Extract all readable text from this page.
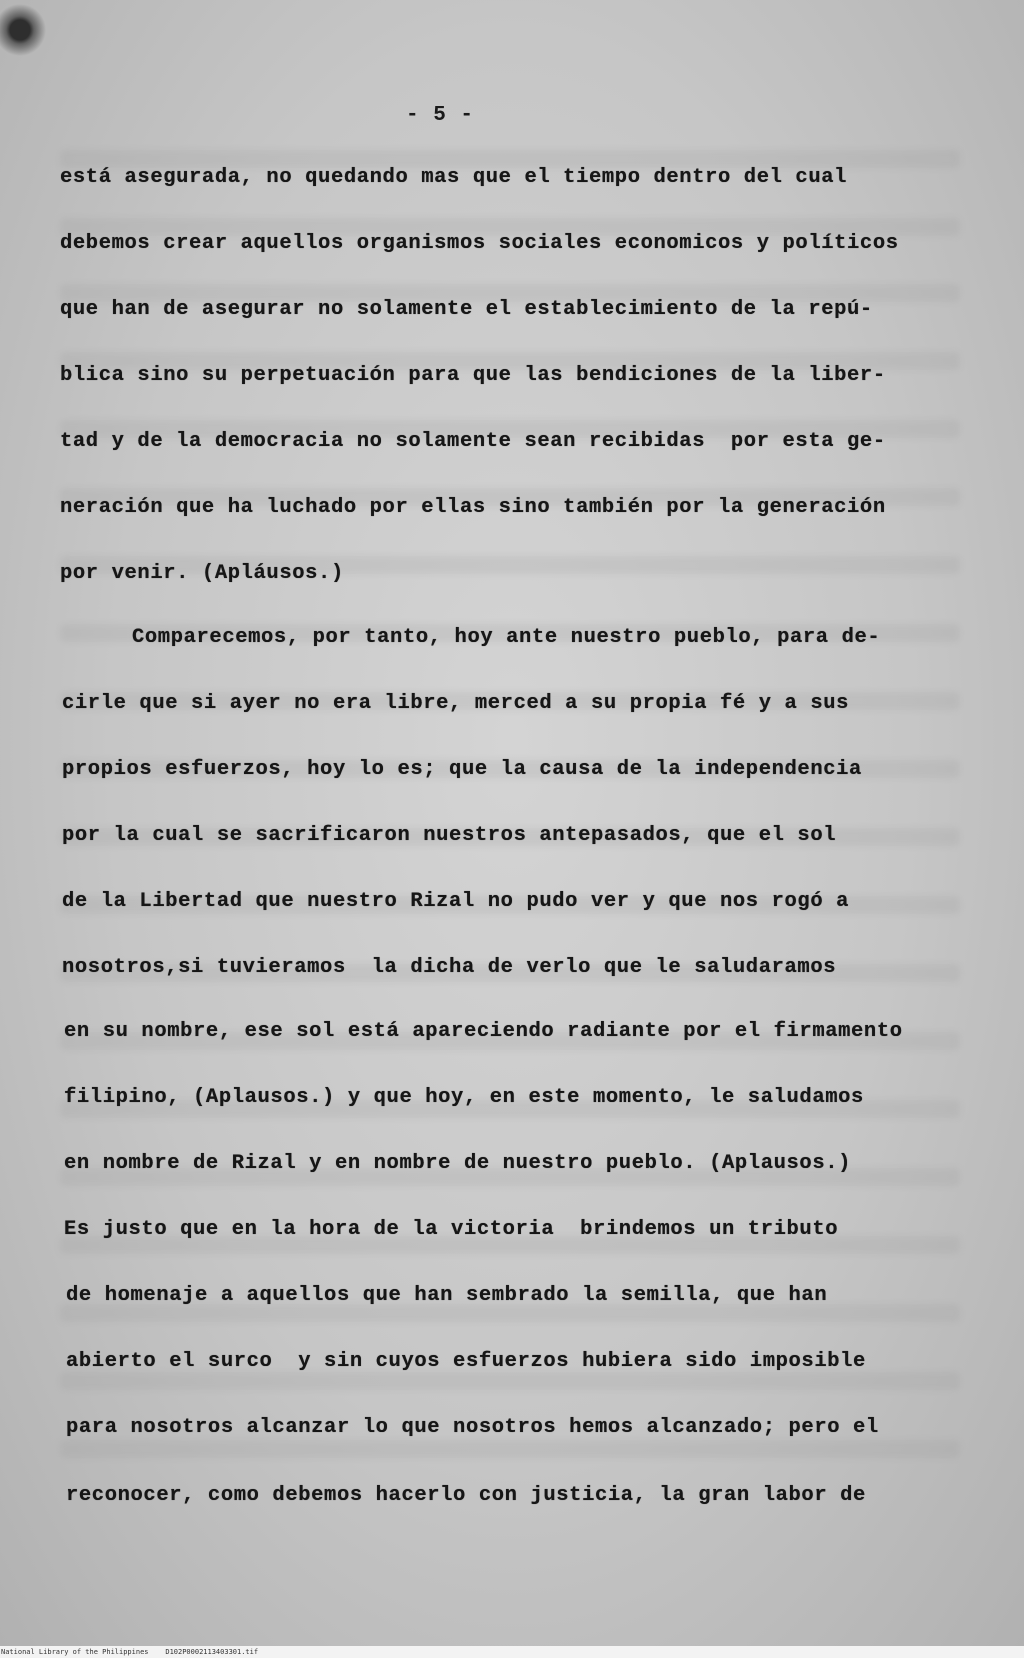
- 5 -
está asegurada, no quedando mas que el tiempo dentro del cual
debemos crear aquellos organismos sociales economicos y políticos
que han de asegurar no solamente el establecimiento de la repú-
blica sino su perpetuación para que las bendiciones de la liber-
tad y de la democracia no solamente sean recibidas  por esta ge-
neración que ha luchado por ellas sino también por la generación
por venir. (Apláusos.)
Comparecemos, por tanto, hoy ante nuestro pueblo, para de-
cirle que si ayer no era libre, merced a su propia fé y a sus
propios esfuerzos, hoy lo es; que la causa de la independencia
por la cual se sacrificaron nuestros antepasados, que el sol
de la Libertad que nuestro Rizal no pudo ver y que nos rogó a
nosotros,si tuvieramos  la dicha de verlo que le saludaramos
en su nombre, ese sol está apareciendo radiante por el firmamento
filipino, (Aplausos.) y que hoy, en este momento, le saludamos
en nombre de Rizal y en nombre de nuestro pueblo. (Aplausos.)
Es justo que en la hora de la victoria  brindemos un tributo
de homenaje a aquellos que han sembrado la semilla, que han
abierto el surco  y sin cuyos esfuerzos hubiera sido imposible
para nosotros alcanzar lo que nosotros hemos alcanzado; pero el
reconocer, como debemos hacerlo con justicia, la gran labor de
National Library of the Philippines    D102P0002113403301.tif
